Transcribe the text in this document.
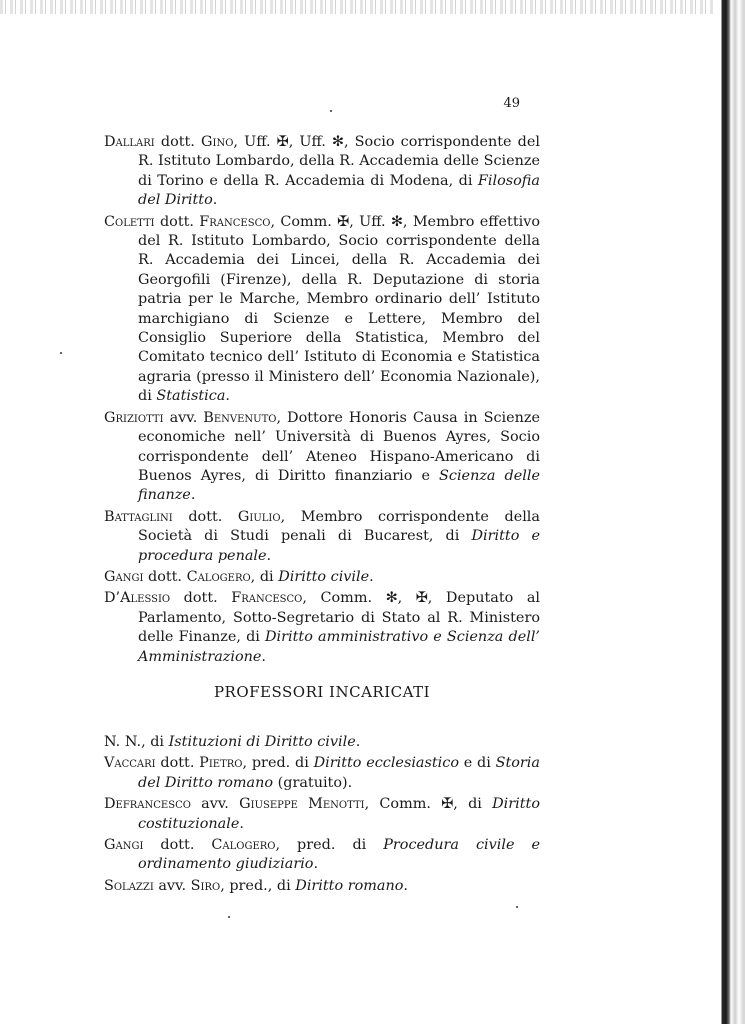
49

Dallari dott. Gino, Uff. ✠, Uff. ✻, Socio corrispondente del R. Istituto Lombardo, della R. Accademia delle Scienze di Torino e della R. Accademia di Modena, di Filosofia del Diritto.

Coletti dott. Francesco, Comm. ✠, Uff. ✻, Membro effettivo del R. Istituto Lombardo, Socio corrispondente della R. Accademia dei Lincei, della R. Accademia dei Georgofili (Firenze), della R. Deputazione di storia patria per le Marche, Membro ordinario dell’ Istituto marchigiano di Scienze e Lettere, Membro del Consiglio Superiore della Statistica, Membro del Comitato tecnico dell’ Istituto di Economia e Statistica agraria (presso il Ministero dell’ Economia Nazionale), di Statistica.

Griziotti avv. Benvenuto, Dottore Honoris Causa in Scienze economiche nell’ Università di Buenos Ayres, Socio corrispondente dell’ Ateneo Hispano-Americano di Buenos Ayres, di Diritto finanziario e Scienza delle finanze.

Battaglini dott. Giulio, Membro corrispondente della Società di Studi penali di Bucarest, di Diritto e procedura penale.

Gangi dott. Calogero, di Diritto civile.

D’Alessio dott. Francesco, Comm. ✻, ✠, Deputato al Parlamento, Sotto-Segretario di Stato al R. Ministero delle Finanze, di Diritto amministrativo e Scienza dell’ Amministrazione.

PROFESSORI INCARICATI

N. N., di Istituzioni di Diritto civile.

Vaccari dott. Pietro, pred. di Diritto ecclesiastico e di Storia del Diritto romano (gratuito).

Defrancesco avv. Giuseppe Menotti, Comm. ✠, di Diritto costituzionale.

Gangi dott. Calogero, pred. di Procedura civile e ordinamento giudiziario.

Solazzi avv. Siro, pred., di Diritto romano.
